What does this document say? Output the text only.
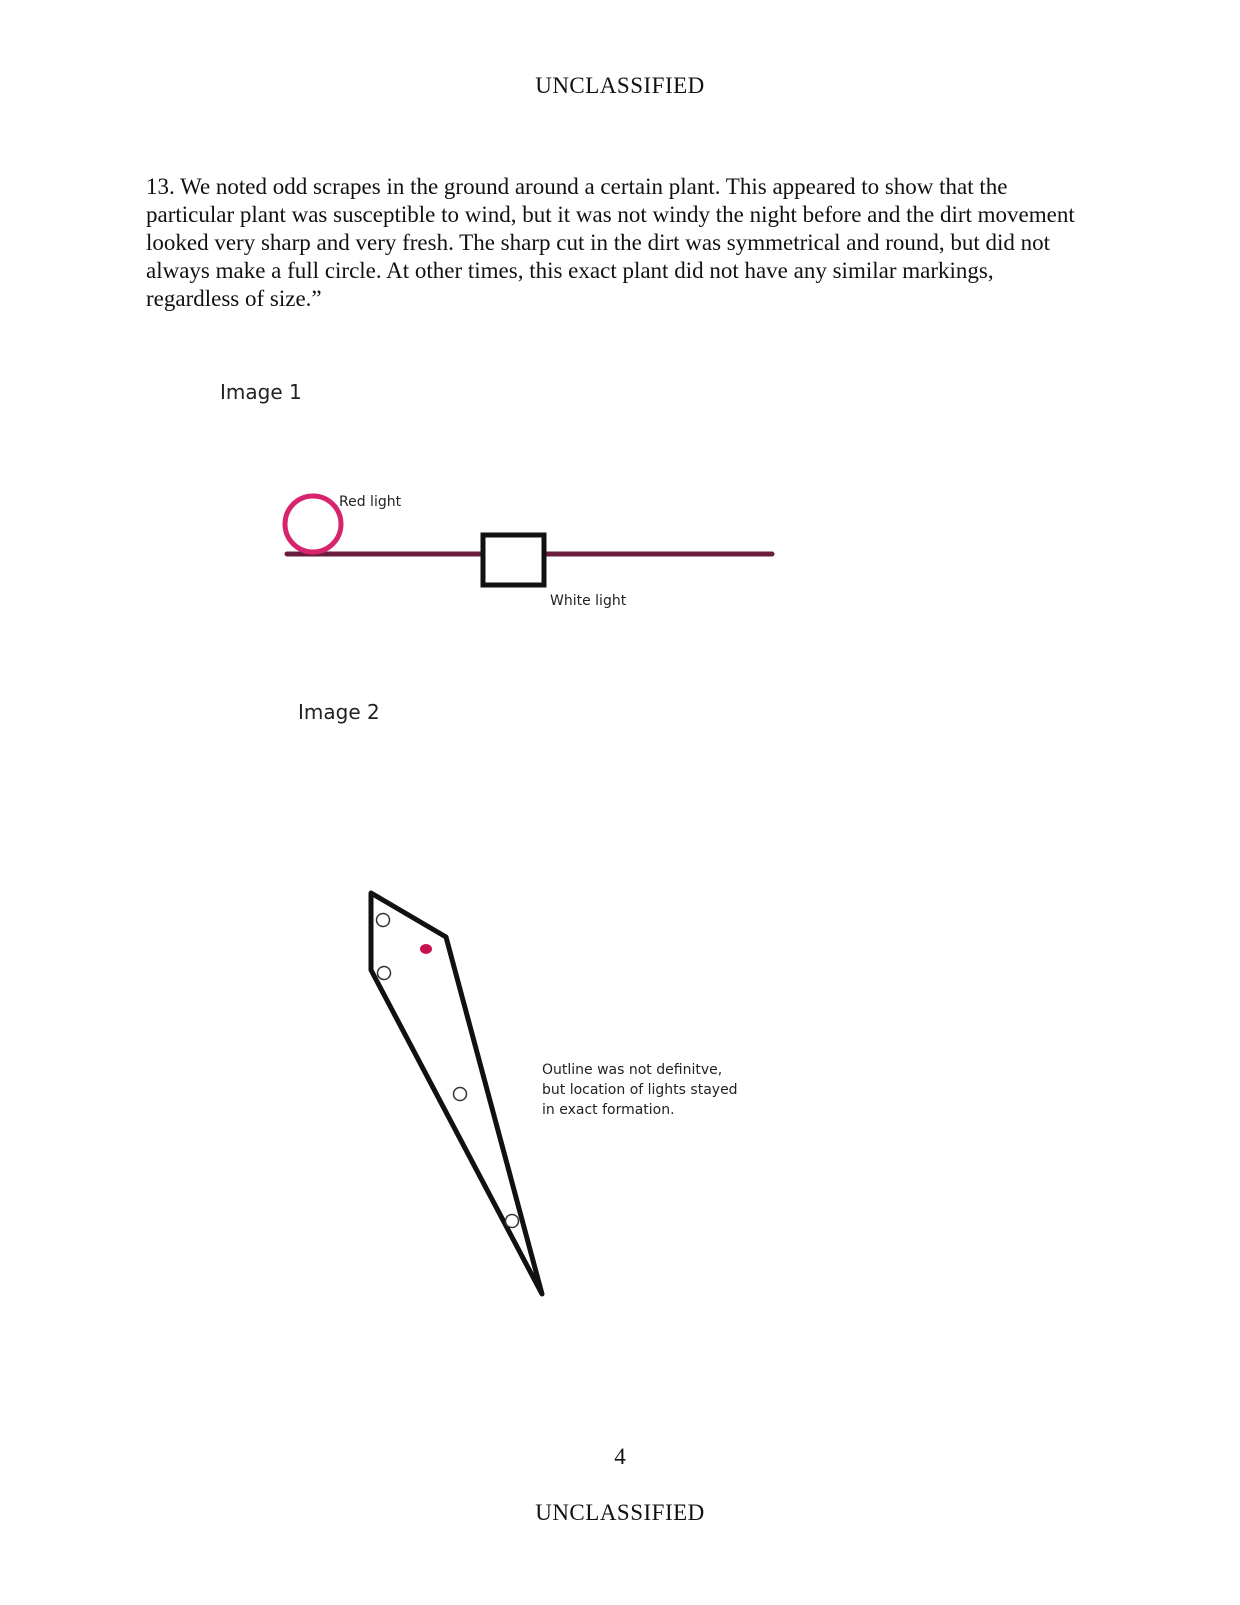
UNCLASSIFIED

13. We noted odd scrapes in the ground around a certain plant. This appeared to show that the particular plant was susceptible to wind, but it was not windy the night before and the dirt movement looked very sharp and very fresh. The sharp cut in the dirt was symmetrical and round, but did not always make a full circle. At other times, this exact plant did not have any similar markings, regardless of size.”

Image 1
Red light
White light
Image 2
Outline was not definitve,
but location of lights stayed
in exact formation.
4
UNCLASSIFIED
